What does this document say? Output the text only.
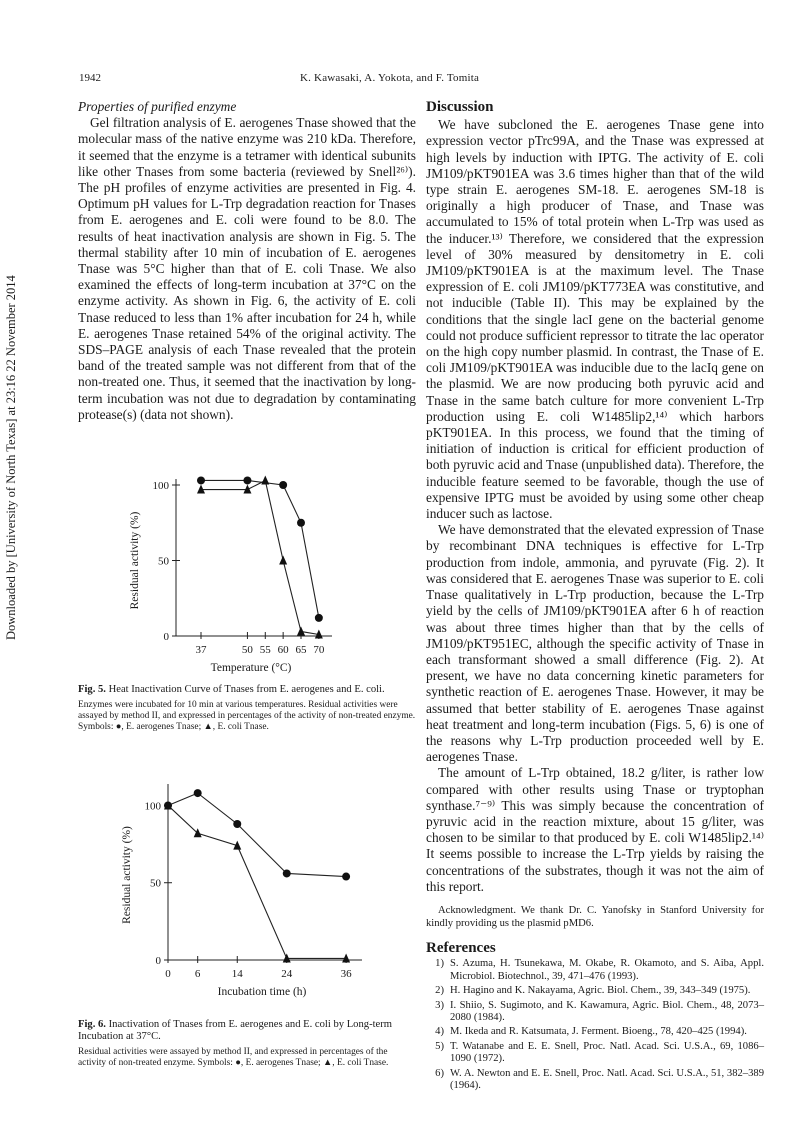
1942	K. Kawasaki, A. Yokota, and F. Tomita
Downloaded by [University of North Texas] at 23:16 22 November 2014
Properties of purified enzyme

Gel filtration analysis of E. aerogenes Tnase showed that the molecular mass of the native enzyme was 210 kDa. Therefore, it seemed that the enzyme is a tetramer with identical subunits like other Tnases from some bacteria (reviewed by Snell²⁶⁾). The pH profiles of enzyme activities are presented in Fig. 4. Optimum pH values for L-Trp degradation reaction for Tnases from E. aerogenes and E. coli were found to be 8.0. The results of heat inactivation analysis are shown in Fig. 5. The thermal stability after 10 min of incubation of E. aerogenes Tnase was 5°C higher than that of E. coli Tnase. We also examined the effects of long-term incubation at 37°C on the enzyme activity. As shown in Fig. 6, the activity of E. coli Tnase reduced to less than 1% after incubation for 24 h, while E. aerogenes Tnase retained 54% of the original activity. The SDS–PAGE analysis of each Tnase revealed that the protein band of the treated sample was not different from that of the non-treated one. Thus, it seemed that the inactivation by long-term incubation was not due to degradation by contaminating protease(s) (data not shown).

0
50
100
37	50 55 60 65 70
Temperature (°C)
Residual activity (%)
Fig. 5. Heat Inactivation Curve of Tnases from E. aerogenes and E. coli.
Enzymes were incubated for 10 min at various temperatures. Residual activities were assayed by method II, and expressed in percentages of the activity of non-treated enzyme. Symbols: ●, E. aerogenes Tnase; ▲, E. coli Tnase.
0
50
100
0 6	14	24	36
Incubation time (h)
Residual activity (%)
Fig. 6. Inactivation of Tnases from E. aerogenes and E. coli by Long-term Incubation at 37°C.
Residual activities were assayed by method II, and expressed in percentages of the activity of non-treated enzyme. Symbols: ●, E. aerogenes Tnase; ▲, E. coli Tnase.
Discussion

We have subcloned the E. aerogenes Tnase gene into expression vector pTrc99A, and the Tnase was expressed at high levels by induction with IPTG. The activity of E. coli JM109/pKT901EA was 3.6 times higher than that of the wild type strain E. aerogenes SM-18. E. aerogenes SM-18 is originally a high producer of Tnase, and Tnase was accumulated to 15% of total protein when L-Trp was used as the inducer.¹³⁾ Therefore, we considered that the expression level of 30% measured by densitometry in E. coli JM109/pKT901EA is at the maximum level. The Tnase expression of E. coli JM109/pKT773EA was constitutive, and not inducible (Table II). This may be explained by the conditions that the single lacI gene on the bacterial genome could not produce sufficient repressor to titrate the lac operator on the high copy number plasmid. In contrast, the Tnase of E. coli JM109/pKT901EA was inducible due to the lacIq gene on the plasmid. We are now producing both pyruvic acid and Tnase in the same batch culture for more convenient L-Trp production using E. coli W1485lip2,¹⁴⁾ which harbors pKT901EA. In this process, we found that the timing of initiation of induction is critical for efficient production of both pyruvic acid and Tnase (unpublished data). Therefore, the inducible feature seemed to be favorable, though the use of expensive IPTG must be avoided by using some other cheap inducer such as lactose.

We have demonstrated that the elevated expression of Tnase by recombinant DNA techniques is effective for L-Trp production from indole, ammonia, and pyruvate (Fig. 2). It was considered that E. aerogenes Tnase was superior to E. coli Tnase qualitatively in L-Trp production, because the L-Trp yield by the cells of JM109/pKT901EA after 6 h of reaction was about three times higher than that by the cells of JM109/pKT951EC, although the specific activity of Tnase in each transformant showed a small difference (Fig. 2). At present, we have no data concerning kinetic parameters for synthetic reaction of E. aerogenes Tnase. However, it may be assumed that better stability of E. aerogenes Tnase against heat treatment and long-term incubation (Figs. 5, 6) is one of the reasons why L-Trp production proceeded well by E. aerogenes Tnase.

The amount of L-Trp obtained, 18.2 g/liter, is rather low compared with other results using Tnase or tryptophan synthase.⁷⁻⁹⁾ This was simply because the concentration of pyruvic acid in the reaction mixture, about 15 g/liter, was chosen to be similar to that produced by E. coli W1485lip2.¹⁴⁾ It seems possible to increase the L-Trp yields by raising the concentrations of the substrates, though it was not the aim of this report.

Acknowledgment. We thank Dr. C. Yanofsky in Stanford University for kindly providing us the plasmid pMD6.
References
1) S. Azuma, H. Tsunekawa, M. Okabe, R. Okamoto, and S. Aiba, Appl. Microbiol. Biotechnol., 39, 471–476 (1993).
2) H. Hagino and K. Nakayama, Agric. Biol. Chem., 39, 343–349 (1975).
3) I. Shiio, S. Sugimoto, and K. Kawamura, Agric. Biol. Chem., 48, 2073–2080 (1984).
4) M. Ikeda and R. Katsumata, J. Ferment. Bioeng., 78, 420–425 (1994).
5) T. Watanabe and E. E. Snell, Proc. Natl. Acad. Sci. U.S.A., 69, 1086–1090 (1972).
6) W. A. Newton and E. E. Snell, Proc. Natl. Acad. Sci. U.S.A., 51, 382–389 (1964).
